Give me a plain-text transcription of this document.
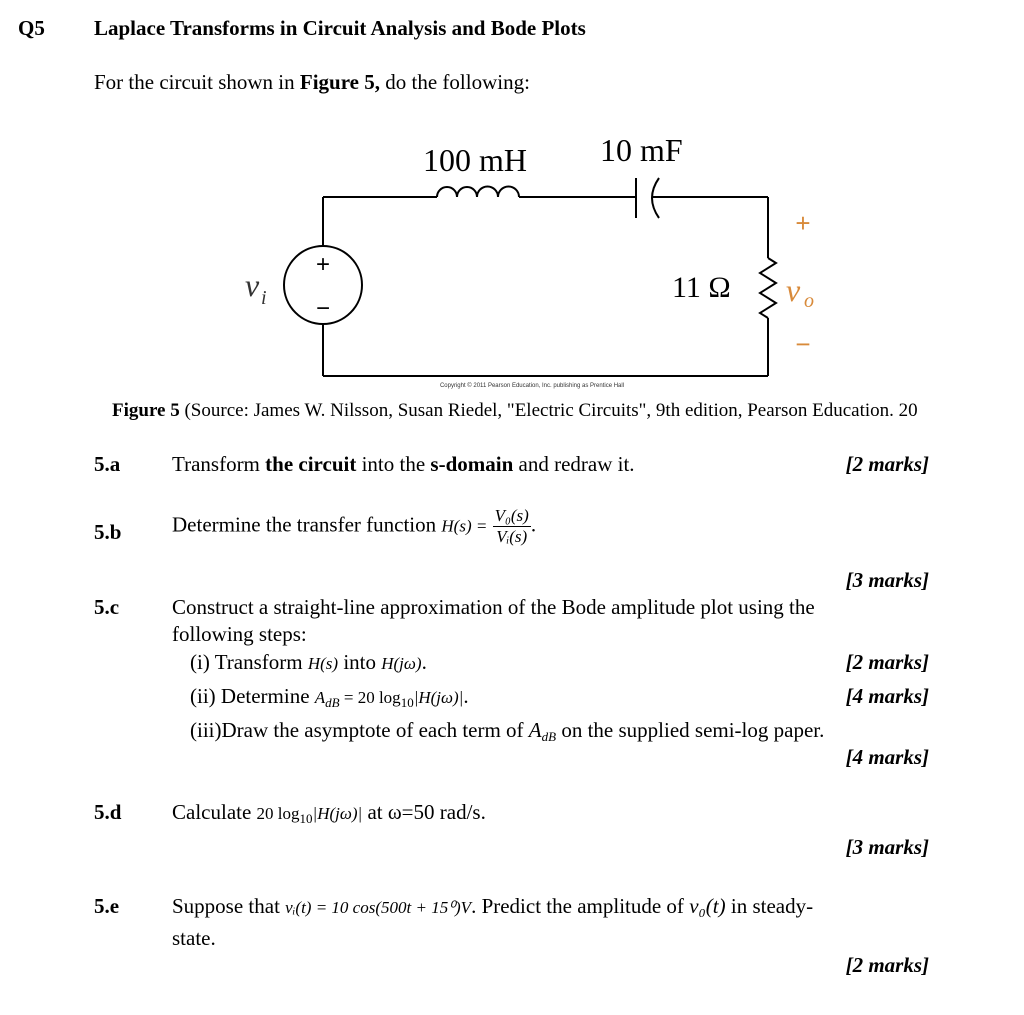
Q5 Laplace Transforms in Circuit Analysis and Bode Plots
For the circuit shown in Figure 5, do the following:
+
−
100 mH 10 mF
11 Ω
v i	v o
+
−
Copyright © 2011 Pearson Education, Inc. publishing as Prentice Hall
Figure 5 (Source: James W. Nilsson, Susan Riedel, "Electric Circuits", 9th edition, Pearson Education. 20
5.a Transform the circuit into the s-domain and redraw it.	[2 marks]
5.b Determine the transfer function $H(s) = \frac{\text{V₀(s)}}{\text{Vᵢ(s)}}$ .
[3 marks]
5.c	Construct a straight-line approximation of the Bode amplitude plot using the
following steps:
(i) Transform H(s) into H(jω).	[2 marks]
(ii) Determine $A_{dB} = 20$ $\log_{10}|H(j\omega)|$.	[4 marks]
(iii)Draw the asymptote of each term of $A_{dB}$ on the supplied semi-log paper.
[4 marks]
5.d Calculate 20 $\log_{10}|H(j\omega)|$ at ω=50 rad/s.
[3 marks]
5.e	Suppose that vᵢ(t) = 10 cos(500t + 15⁰)V. Predict the amplitude of v₀(t) in steady-
state.
[2 marks]
